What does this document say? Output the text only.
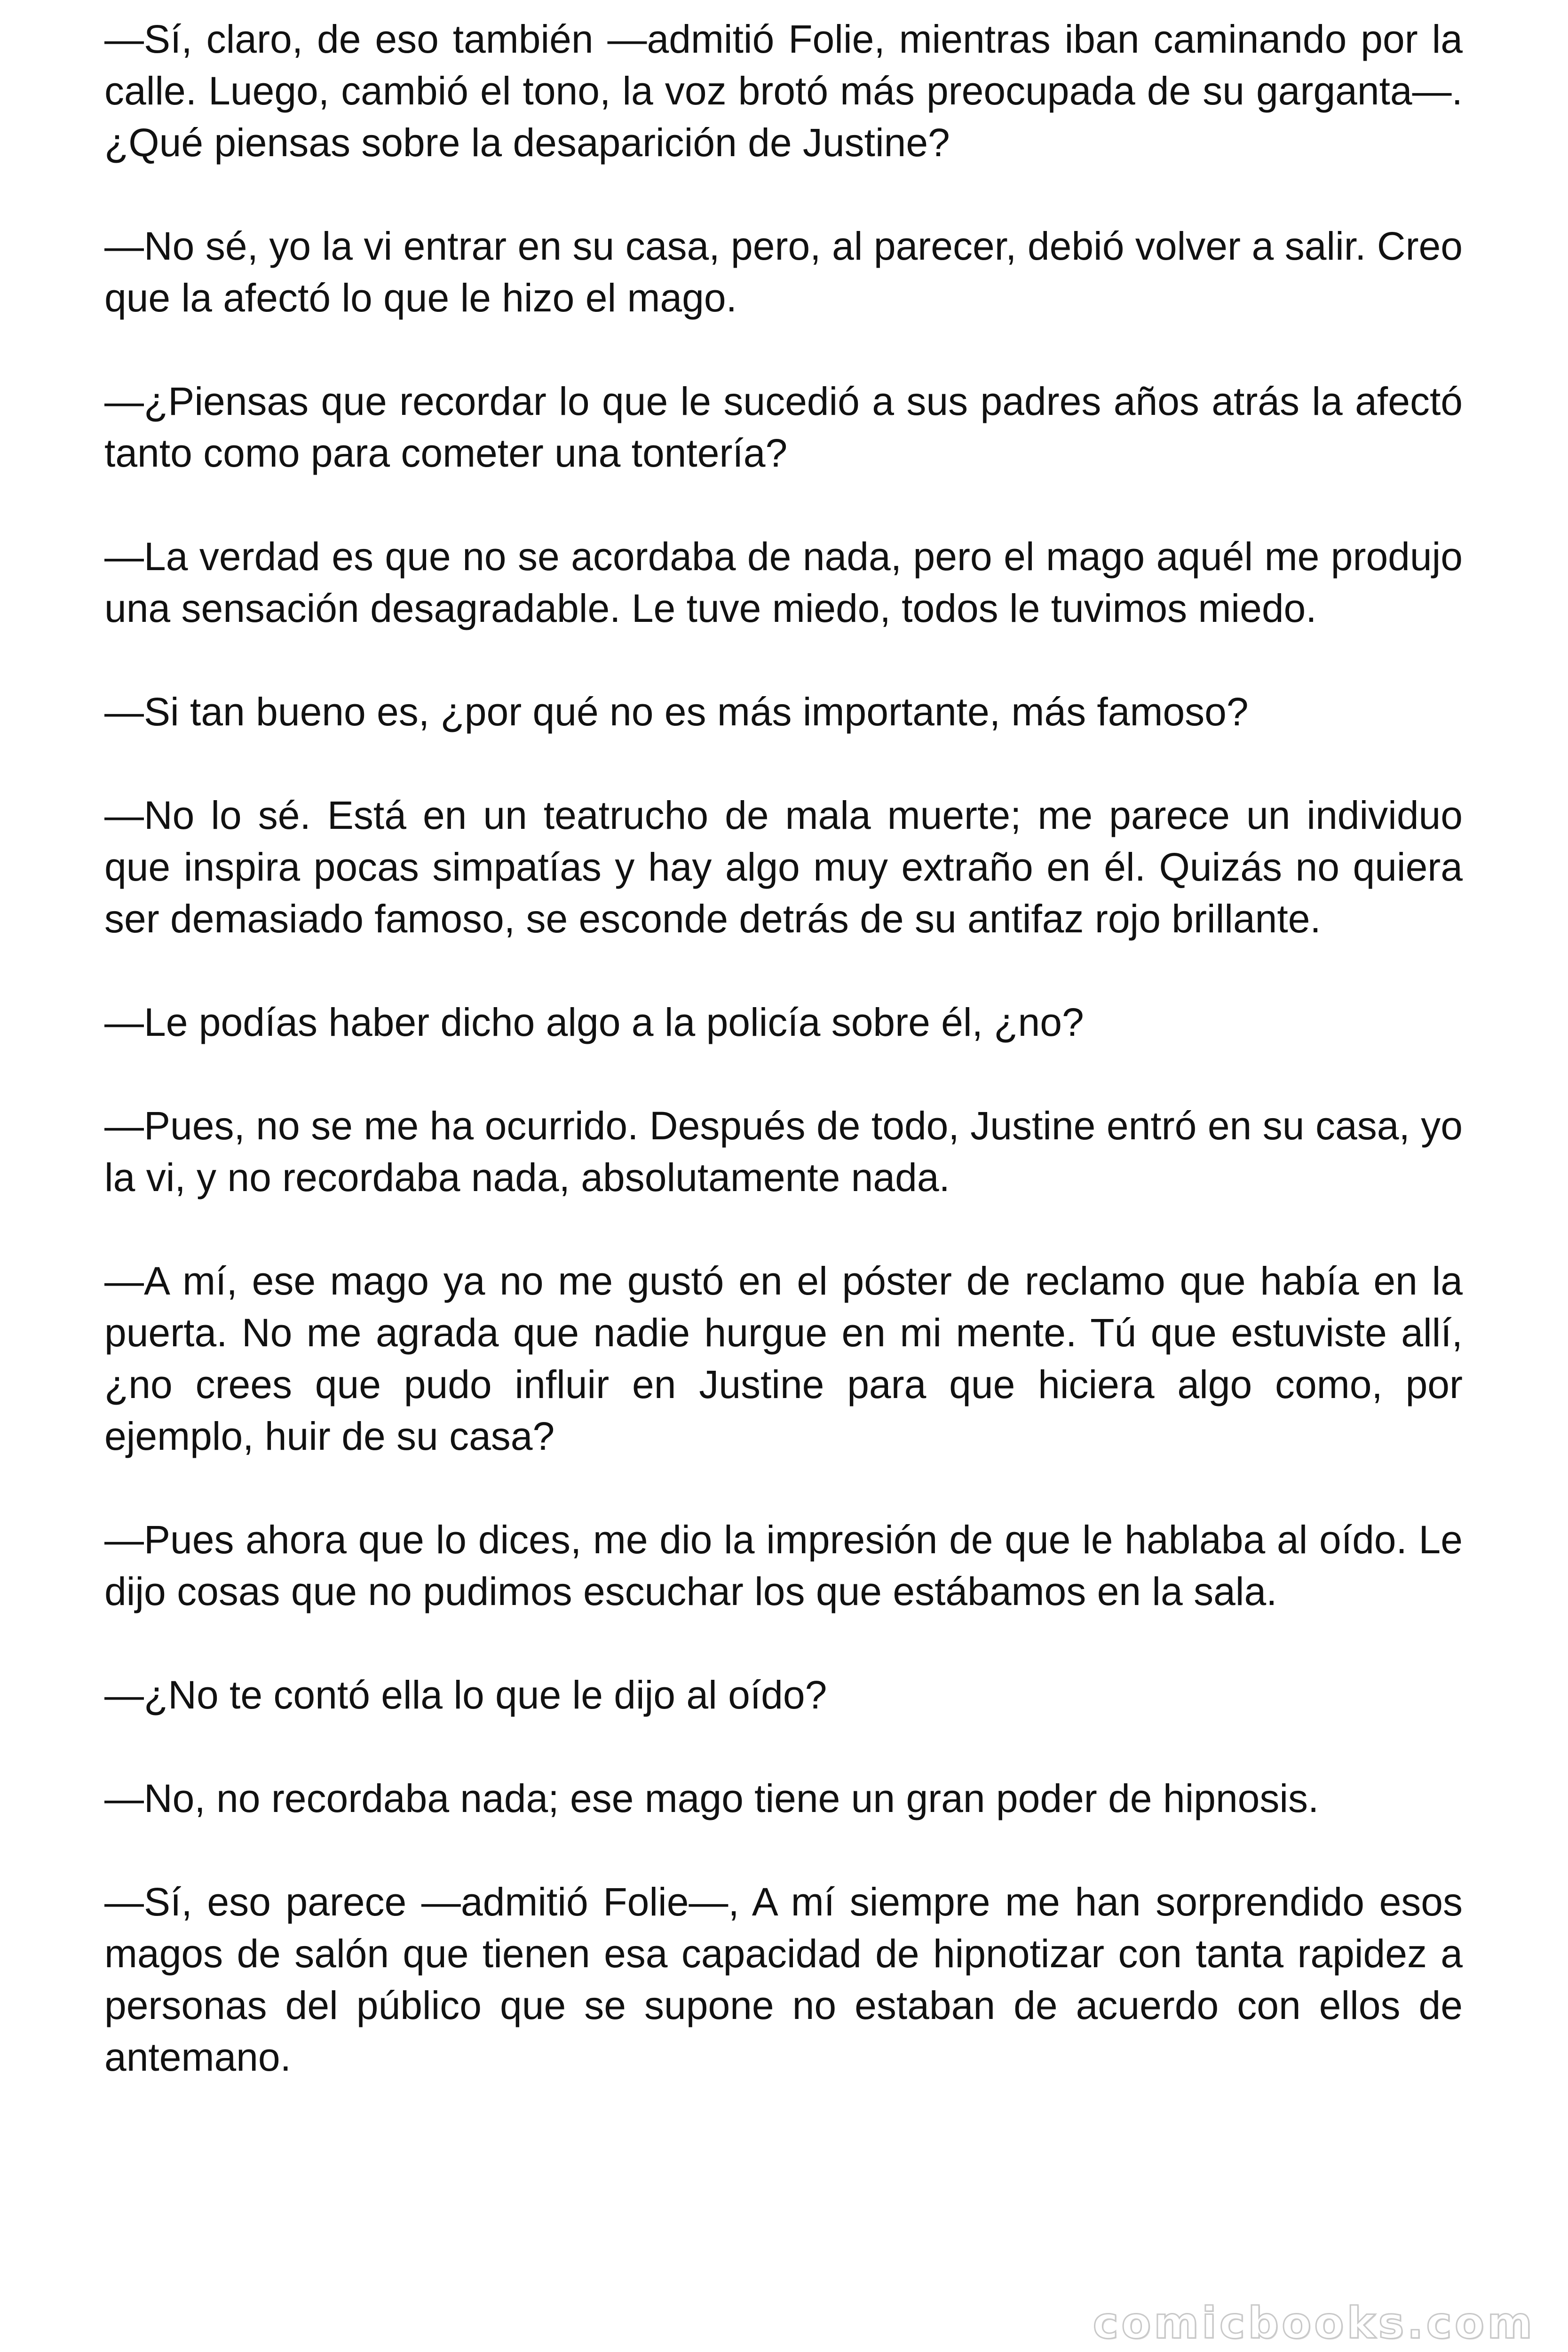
—Sí, claro, de eso también —admitió Folie, mientras iban caminando por la calle. Luego, cambió el tono, la voz brotó más preocupada de su garganta—. ¿Qué piensas sobre la desaparición de Justine?

—No sé, yo la vi entrar en su casa, pero, al parecer, debió volver a salir. Creo que la afectó lo que le hizo el mago.

—¿Piensas que recordar lo que le sucedió a sus padres años atrás la afectó tanto como para cometer una tontería?

—La verdad es que no se acordaba de nada, pero el mago aquél me produjo una sensación desagradable. Le tuve miedo, todos le tuvimos miedo.

—Si tan bueno es, ¿por qué no es más importante, más famoso?

—No lo sé. Está en un teatrucho de mala muerte; me parece un individuo que inspira pocas simpatías y hay algo muy extraño en él. Quizás no quiera ser demasiado famoso, se esconde detrás de su antifaz rojo brillante.

—Le podías haber dicho algo a la policía sobre él, ¿no?

—Pues, no se me ha ocurrido. Después de todo, Justine entró en su casa, yo la vi, y no recordaba nada, absolutamente nada.

—A mí, ese mago ya no me gustó en el póster de reclamo que había en la puerta. No me agrada que nadie hurgue en mi mente. Tú que estuviste allí, ¿no crees que pudo influir en Justine para que hiciera algo como, por ejemplo, huir de su casa?

—Pues ahora que lo dices, me dio la impresión de que le hablaba al oído. Le dijo cosas que no pudimos escuchar los que estábamos en la sala.

—¿No te contó ella lo que le dijo al oído?

—No, no recordaba nada; ese mago tiene un gran poder de hipnosis.

—Sí, eso parece —admitió Folie—, A mí siempre me han sorprendido esos magos de salón que tienen esa capacidad de hipnotizar con tanta rapidez a personas del público que se supone no estaban de acuerdo con ellos de antemano.

comicbooks.com
